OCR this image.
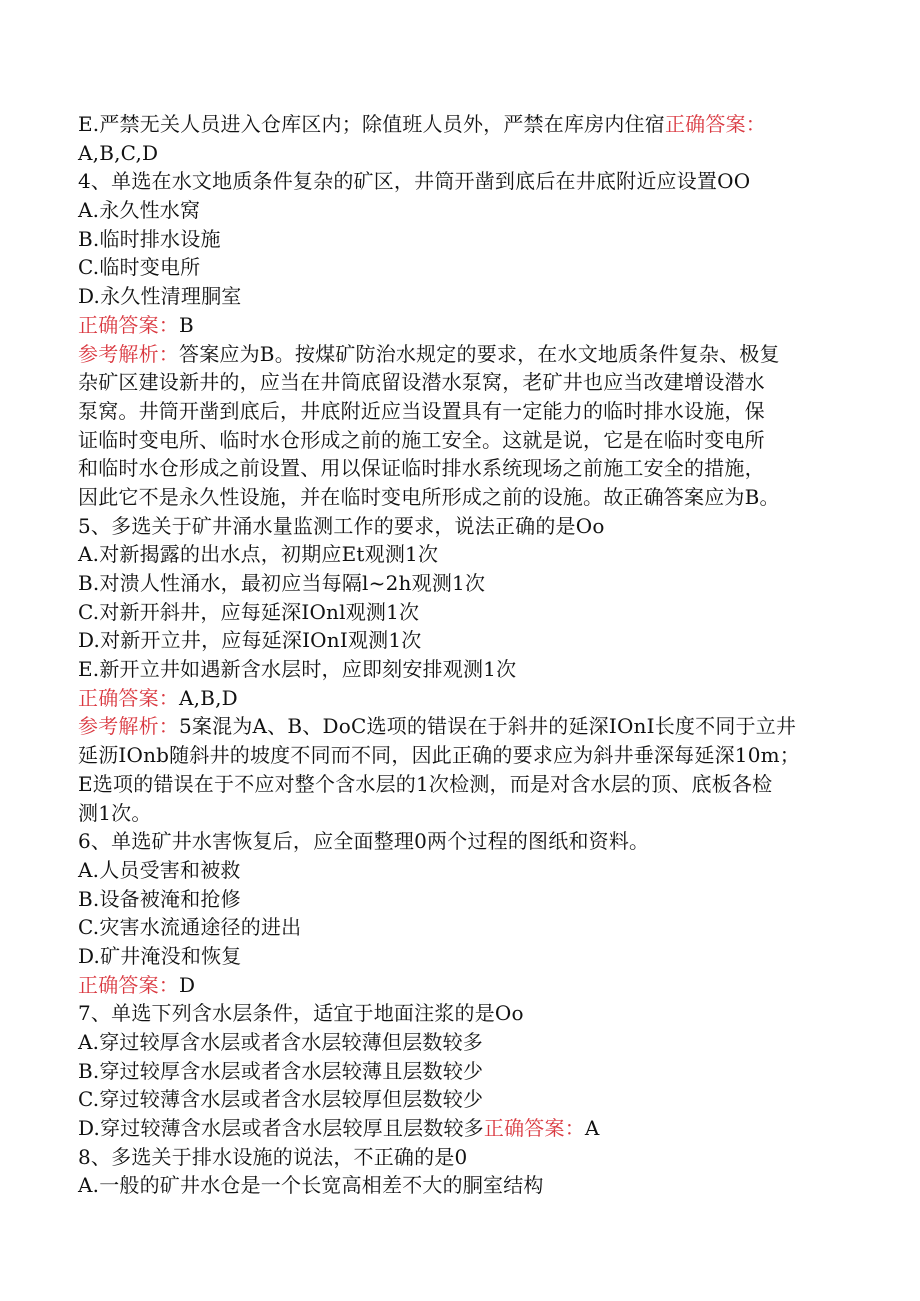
E.严禁无关人员进入仓库区内；除值班人员外，严禁在库房内住宿正确答案：
A,B,C,D
4、单选在水文地质条件复杂的矿区，井筒开凿到底后在井底附近应设置OO
A.永久性水窝
B.临时排水设施
C.临时变电所
D.永久性清理胴室
正确答案：B
参考解析：答案应为B。按煤矿防治水规定的要求，在水文地质条件复杂、极复
杂矿区建设新井的，应当在井筒底留设潜水泵窝，老矿井也应当改建增设潜水
泵窝。井筒开凿到底后，井底附近应当设置具有一定能力的临时排水设施，保
证临时变电所、临时水仓形成之前的施工安全。这就是说，它是在临时变电所
和临时水仓形成之前设置、用以保证临时排水系统现场之前施工安全的措施，
因此它不是永久性设施，并在临时变电所形成之前的设施。故正确答案应为B。
5、多选关于矿井涌水量监测工作的要求，说法正确的是Oo
A.对新揭露的出水点，初期应Et观测1次
B.对溃人性涌水，最初应当每隔l~2h观测1次
C.对新开斜井，应每延深IOnl观测1次
D.对新开立井，应每延深IOnI观测1次
E.新开立井如遇新含水层时，应即刻安排观测1次
正确答案：A,B,D
参考解析：5案混为A、B、DoC选项的错误在于斜井的延深IOnI长度不同于立井
延沥IOnb随斜井的坡度不同而不同，因此正确的要求应为斜井垂深每延深10m；
E选项的错误在于不应对整个含水层的1次检测，而是对含水层的顶、底板各检
测1次。
6、单选矿井水害恢复后，应全面整理0两个过程的图纸和资料。
A.人员受害和被救
B.设备被淹和抢修
C.灾害水流通途径的进出
D.矿井淹没和恢复
正确答案：D
7、单选下列含水层条件，适宜于地面注浆的是Oo
A.穿过较厚含水层或者含水层较薄但层数较多
B.穿过较厚含水层或者含水层较薄且层数较少
C.穿过较薄含水层或者含水层较厚但层数较少
D.穿过较薄含水层或者含水层较厚且层数较多正确答案：A
8、多选关于排水设施的说法，不正确的是0
A.一般的矿井水仓是一个长宽高相差不大的胴室结构
